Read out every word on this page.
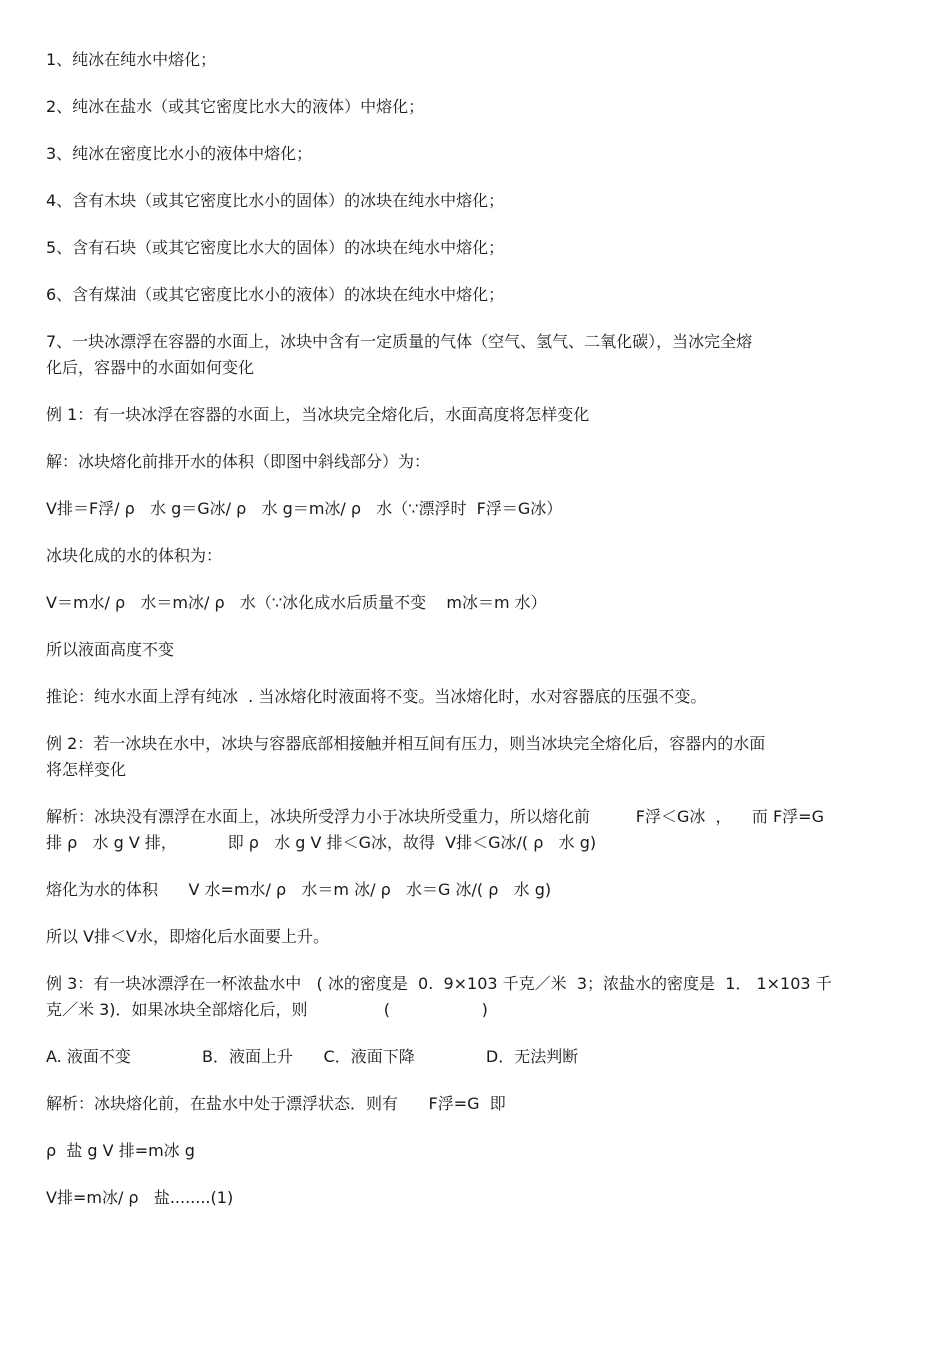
1、纯冰在纯水中熔化；

2、纯冰在盐水（或其它密度比水大的液体）中熔化；

3、纯冰在密度比水小的液体中熔化；

4、含有木块（或其它密度比水小的固体）的冰块在纯水中熔化；

5、含有石块（或其它密度比水大的固体）的冰块在纯水中熔化；

6、含有煤油（或其它密度比水小的液体）的冰块在纯水中熔化；

7、一块冰漂浮在容器的水面上，冰块中含有一定质量的气体（空气、氢气、二氧化碳），当冰完全熔

化后，容器中的水面如何变化

例 1：有一块冰浮在容器的水面上，当冰块完全熔化后，水面高度将怎样变化

解：冰块熔化前排开水的体积（即图中斜线部分）为：

V排＝F浮/ ρ   水 g＝G冰/ ρ   水 g＝m冰/ ρ   水（∵漂浮时  F浮＝G冰）

冰块化成的水的体积为：

V＝m水/ ρ   水＝m冰/ ρ   水（∵冰化成水后质量不变    m冰＝m 水）

所以液面高度不变

推论：纯水水面上浮有纯冰  . 当冰熔化时液面将不变。当冰熔化时，水对容器底的压强不变。

例 2：若一冰块在水中，冰块与容器底部相接触并相互间有压力，则当冰块完全熔化后，容器内的水面

将怎样变化

解析：冰块没有漂浮在水面上，冰块所受浮力小于冰块所受重力，所以熔化前         F浮＜G冰  ，    而 F浮=G

排 ρ   水 g V 排，          即 ρ   水 g V 排＜G冰，故得  V排＜G冰/( ρ   水 g)

熔化为水的体积      V 水=m水/ ρ   水＝m 冰/ ρ   水＝G 冰/( ρ   水 g)

所以 V排＜V水，即熔化后水面要上升。

例 3：有一块冰漂浮在一杯浓盐水中   ( 冰的密度是  0.  9×103 千克／米  3；浓盐水的密度是  1． 1×103 千

克／米 3)．如果冰块全部熔化后，则               (                  )

A. 液面不变              B．液面上升      C．液面下降              D．无法判断

解析：冰块熔化前，在盐水中处于漂浮状态．则有      F浮=G  即

ρ  盐 g V 排=m冰 g

V排=m冰/ ρ   盐........(1)
